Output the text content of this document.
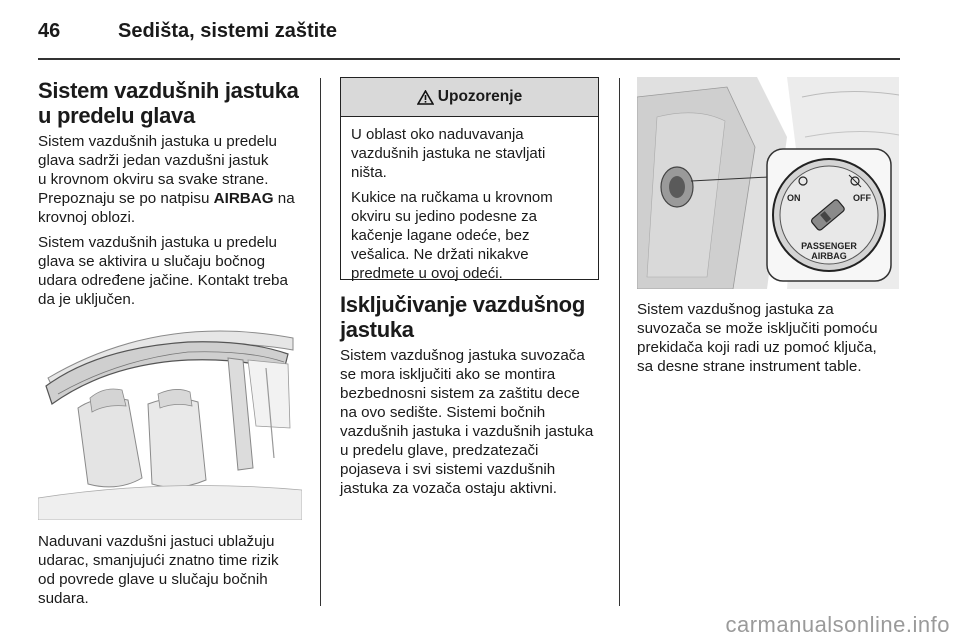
46	Sedišta, sistemi zaštite
Sistem vazdušnih jastuka
u predelu glava

Sistem vazdušnih jastuka u predelu
glava sadrži jedan vazdušni jastuk
u krovnom okviru sa svake strane.
Prepoznaju se po natpisu AIRBAG na
krovnoj oblozi.

Sistem vazdušnih jastuka u predelu
glava se aktivira u slučaju bočnog
udara određene jačine. Kontakt treba
da je uključen.

Naduvani vazdušni jastuci ublažuju
udarac, smanjujući znatno time rizik
od povrede glave u slučaju bočnih
sudara.

Upozorenje

U oblast oko naduvavanja
vazdušnih jastuka ne stavljati
ništa.

Kukice na ručkama u krovnom
okviru su jedino podesne za
kačenje lagane odeće, bez
vešalica. Ne držati nikakve
predmete u ovoj odeći.

Isključivanje vazdušnog
jastuka

Sistem vazdušnog jastuka suvozača
se mora isključiti ako se montira
bezbednosni sistem za zaštitu dece
na ovo sedište. Sistemi bočnih
vazdušnih jastuka i vazdušnih jastuka
u predelu glave, predzatezači
pojaseva i svi sistemi vazdušnih
jastuka za vozača ostaju aktivni.

ON	OFF
PASSENGER
AIRBAG

Sistem vazdušnog jastuka za
suvozača se može isključiti pomoću
prekidača koji radi uz pomoć ključa,
sa desne strane instrument table.

carmanualsonline.info
